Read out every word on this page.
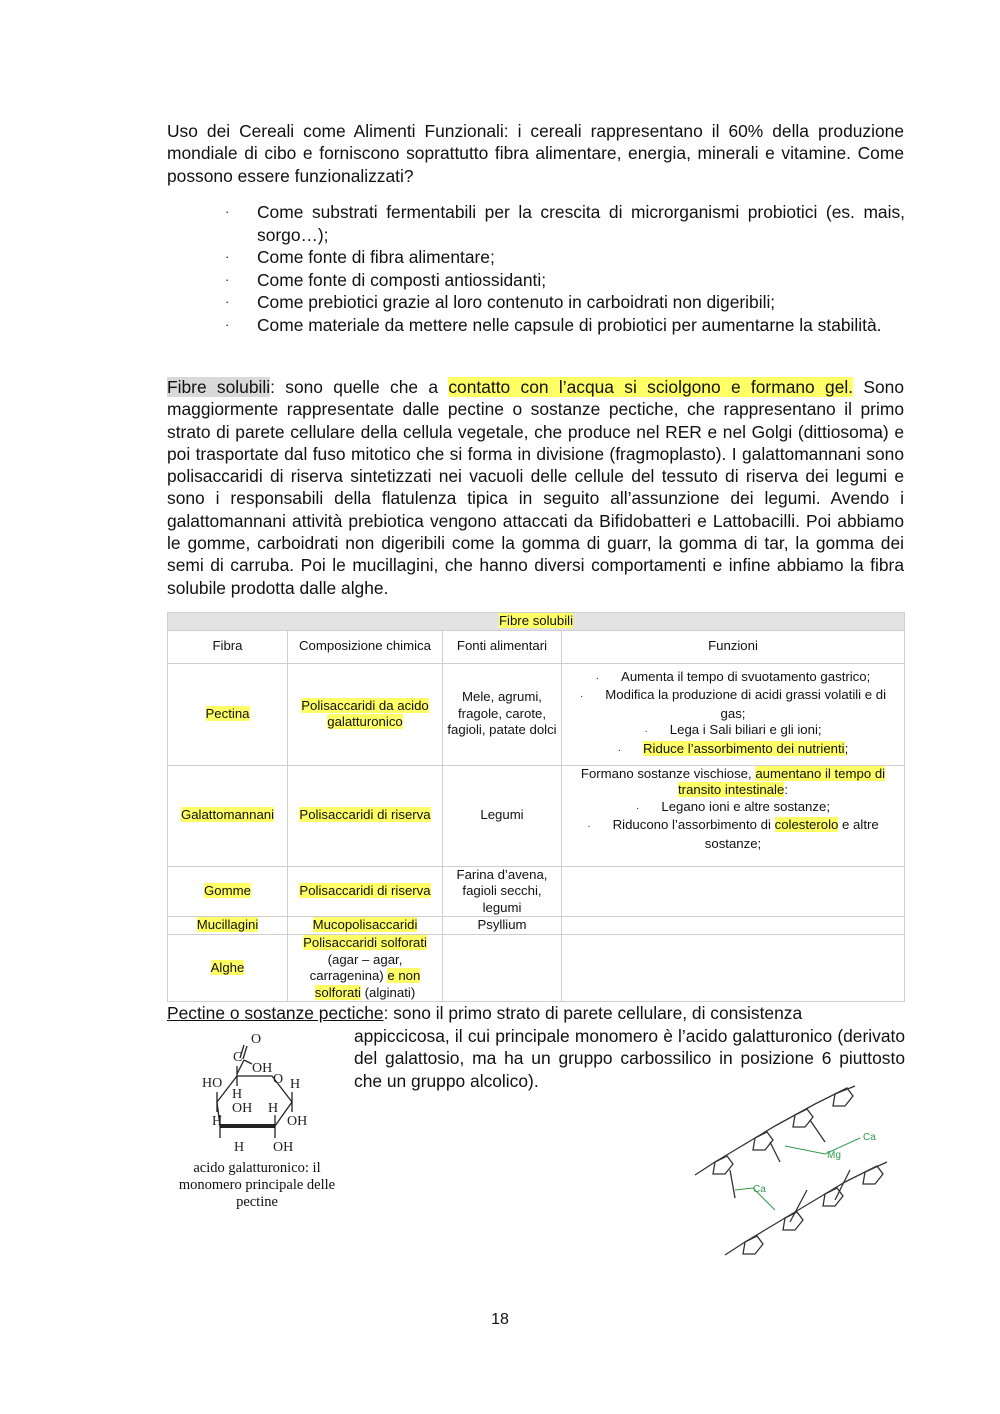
Uso dei Cereali come Alimenti Funzionali: i cereali rappresentano il 60% della produzione mondiale di cibo e forniscono soprattutto fibra alimentare, energia, minerali e vitamine. Come possono essere funzionalizzati?
· Come substrati fermentabili per la crescita di microrganismi probiotici (es. mais, sorgo…);
· Come fonte di fibra alimentare;
· Come fonte di composti antiossidanti;
· Come prebiotici grazie al loro contenuto in carboidrati non digeribili;
· Come materiale da mettere nelle capsule di probiotici per aumentarne la stabilità.
Fibre solubili: sono quelle che a contatto con l’acqua si sciolgono e formano gel. Sono maggiormente rappresentate dalle pectine o sostanze pectiche, che rappresentano il primo strato di parete cellulare della cellula vegetale, che produce nel RER e nel Golgi (dittiosoma) e poi trasportate dal fuso mitotico che si forma in divisione (fragmoplasto). I galattomannani sono polisaccaridi di riserva sintetizzati nei vacuoli delle cellule del tessuto di riserva dei legumi e sono i responsabili della flatulenza tipica in seguito all’assunzione dei legumi. Avendo i galattomannani attività prebiotica vengono attaccati da Bifidobatteri e Lattobacilli. Poi abbiamo le gomme, carboidrati non digeribili come la gomma di guarr, la gomma di tar, la gomma dei semi di carruba. Poi le mucillagini, che hanno diversi comportamenti e infine abbiamo la fibra solubile prodotta dalle alghe.
Fibre solubili			
Fibra	Composizione chimica	Fonti alimentari	Funzioni
Pectina	Polisaccaridi da acido galatturonico	Mele, agrumi, fragole, carote, fagioli, patate dolci	· Aumenta il tempo di svuotamento gastrico;
· Modifica la produzione di acidi grassi volatili e di gas;
· Lega i Sali biliari e gli ioni;
· Riduce l’assorbimento dei nutrienti;

Galattomannani	Polisaccaridi di riserva	Legumi	Formano sostanze vischiose, aumentano il tempo di transito intestinale:
· Legano ioni e altre sostanze;
· Riducono l’assorbimento di colesterolo e altre sostanze;

Gomme	Polisaccaridi di riserva	Farina d’avena, fagioli secchi, legumi	
Mucillagini	Mucopolisaccaridi	Psyllium	
Alghe	Polisaccaridi solforati (agar – agar, carragenina) e non solforati (alginati)		
Pectine o sostanze pectiche: sono il primo strato di parete cellulare, di consistenza
appiccicosa, il cui principale monomero è l’acido galatturonico (derivato del galattosio, ma ha un gruppo carbossilico in posizione 6 piuttosto che un gruppo alcolico).
O
C
OH
HO	O H
H
OH H
H	OH
H OH
acido galatturonico: il monomero principale delle pectine
Mg
Ca
Ca
18
